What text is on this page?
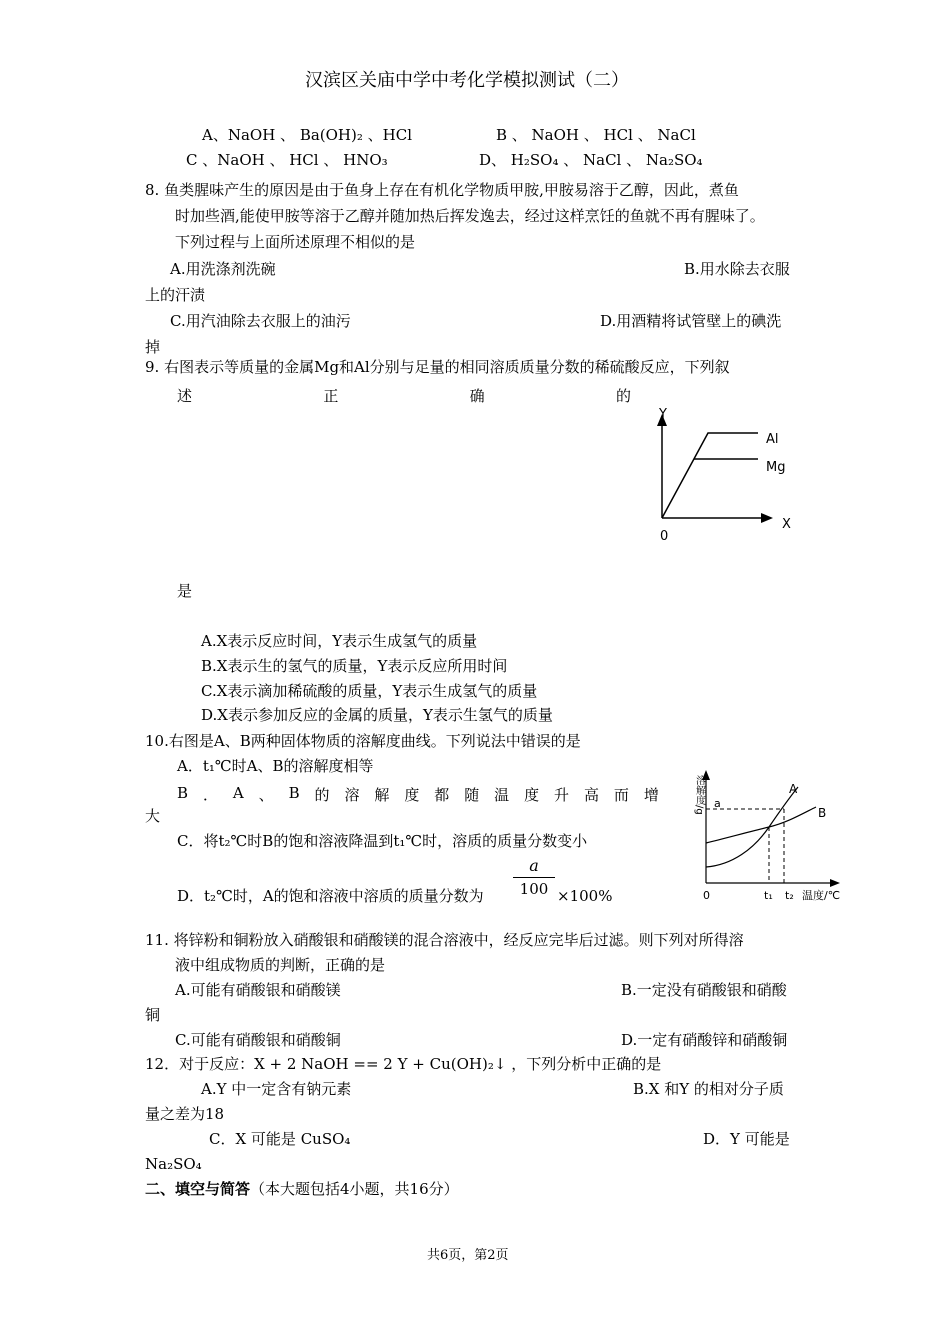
汉滨区关庙中学中考化学模拟测试（二）
A、NaOH 、 Ba(OH)₂ 、HCl	B 、 NaOH 、 HCl 、 NaCl
C 、NaOH 、 HCl 、 HNO₃	D、 H₂SO₄ 、 NaCl 、 Na₂SO₄
8. 鱼类腥味产生的原因是由于鱼身上存在有机化学物质甲胺,甲胺易溶于乙醇，因此，煮鱼
时加些酒,能使甲胺等溶于乙醇并随加热后挥发逸去，经过这样烹饪的鱼就不再有腥味了。
下列过程与上面所述原理不相似的是
A.用洗涤剂洗碗	B.用水除去衣服
上的汗渍
C.用汽油除去衣服上的油污	D.用酒精将试管壁上的碘洗
掉
9. 右图表示等质量的金属Mg和Al分别与足量的相同溶质质量分数的稀硫酸反应，下列叙
述	正	确	的
Y
X
0
Al
Mg
是
A.X表示反应时间，Y表示生成氢气的质量
B.X表示生的氢气的质量，Y表示反应所用时间
C.X表示滴加稀硫酸的质量，Y表示生成氢气的质量
D.X表示参加反应的金属的质量，Y表示生氢气的质量
10.右图是A、B两种固体物质的溶解度曲线。下列说法中错误的是
A．t₁℃时A、B的溶解度相等
B ． A 、 B 的 溶 解 度 都 随 温 度 升 高 而 增
大
C．将t₂℃时B的饱和溶液降温到t₁℃时，溶质的质量分数变小
D．t₂℃时，A的饱和溶液中溶质的质量分数为
a
100 ×100%
溶解度/g a
0	t₁ t₂ 温度/℃
A
B
11. 将锌粉和铜粉放入硝酸银和硝酸镁的混合溶液中，经反应完毕后过滤。则下列对所得溶
液中组成物质的判断，正确的是
A.可能有硝酸银和硝酸镁	B.一定没有硝酸银和硝酸
铜
C.可能有硝酸银和硝酸铜	D.一定有硝酸锌和硝酸铜
12．对于反应：X + 2 NaOH == 2 Y + Cu(OH)₂↓ ，下列分析中正确的是
A.Y 中一定含有钠元素	B.X 和Y 的相对分子质
量之差为18
C．X 可能是 CuSO₄	D．Y 可能是
Na₂SO₄
二、填空与简答（本大题包括4小题，共16分）
共6页，第2页
